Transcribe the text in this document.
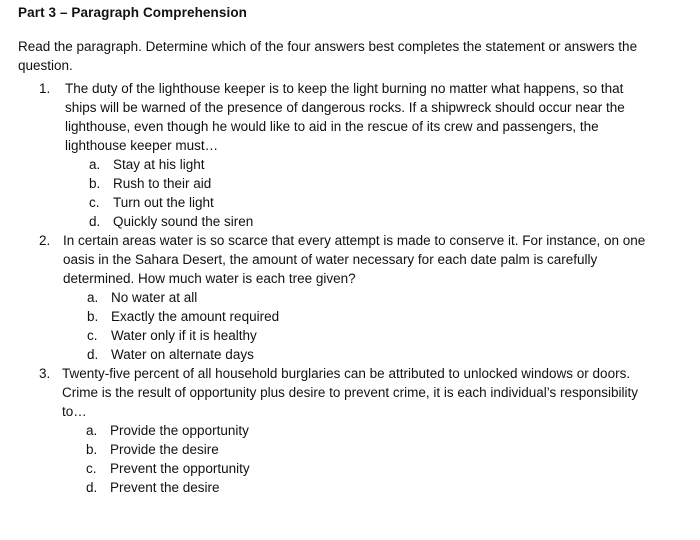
Part 3 – Paragraph Comprehension
Read the paragraph. Determine which of the four answers best completes the statement or answers the question.
1. The duty of the lighthouse keeper is to keep the light burning no matter what happens, so that ships will be warned of the presence of dangerous rocks. If a shipwreck should occur near the lighthouse, even though he would like to aid in the rescue of its crew and passengers, the lighthouse keeper must…
a. Stay at his light
b. Rush to their aid
c. Turn out the light
d. Quickly sound the siren
2. In certain areas water is so scarce that every attempt is made to conserve it. For instance, on one oasis in the Sahara Desert, the amount of water necessary for each date palm is carefully determined. How much water is each tree given?
a. No water at all
b. Exactly the amount required
c. Water only if it is healthy
d. Water on alternate days
3. Twenty-five percent of all household burglaries can be attributed to unlocked windows or doors. Crime is the result of opportunity plus desire to prevent crime, it is each individual’s responsibility to…
a. Provide the opportunity
b. Provide the desire
c. Prevent the opportunity
d. Prevent the desire
